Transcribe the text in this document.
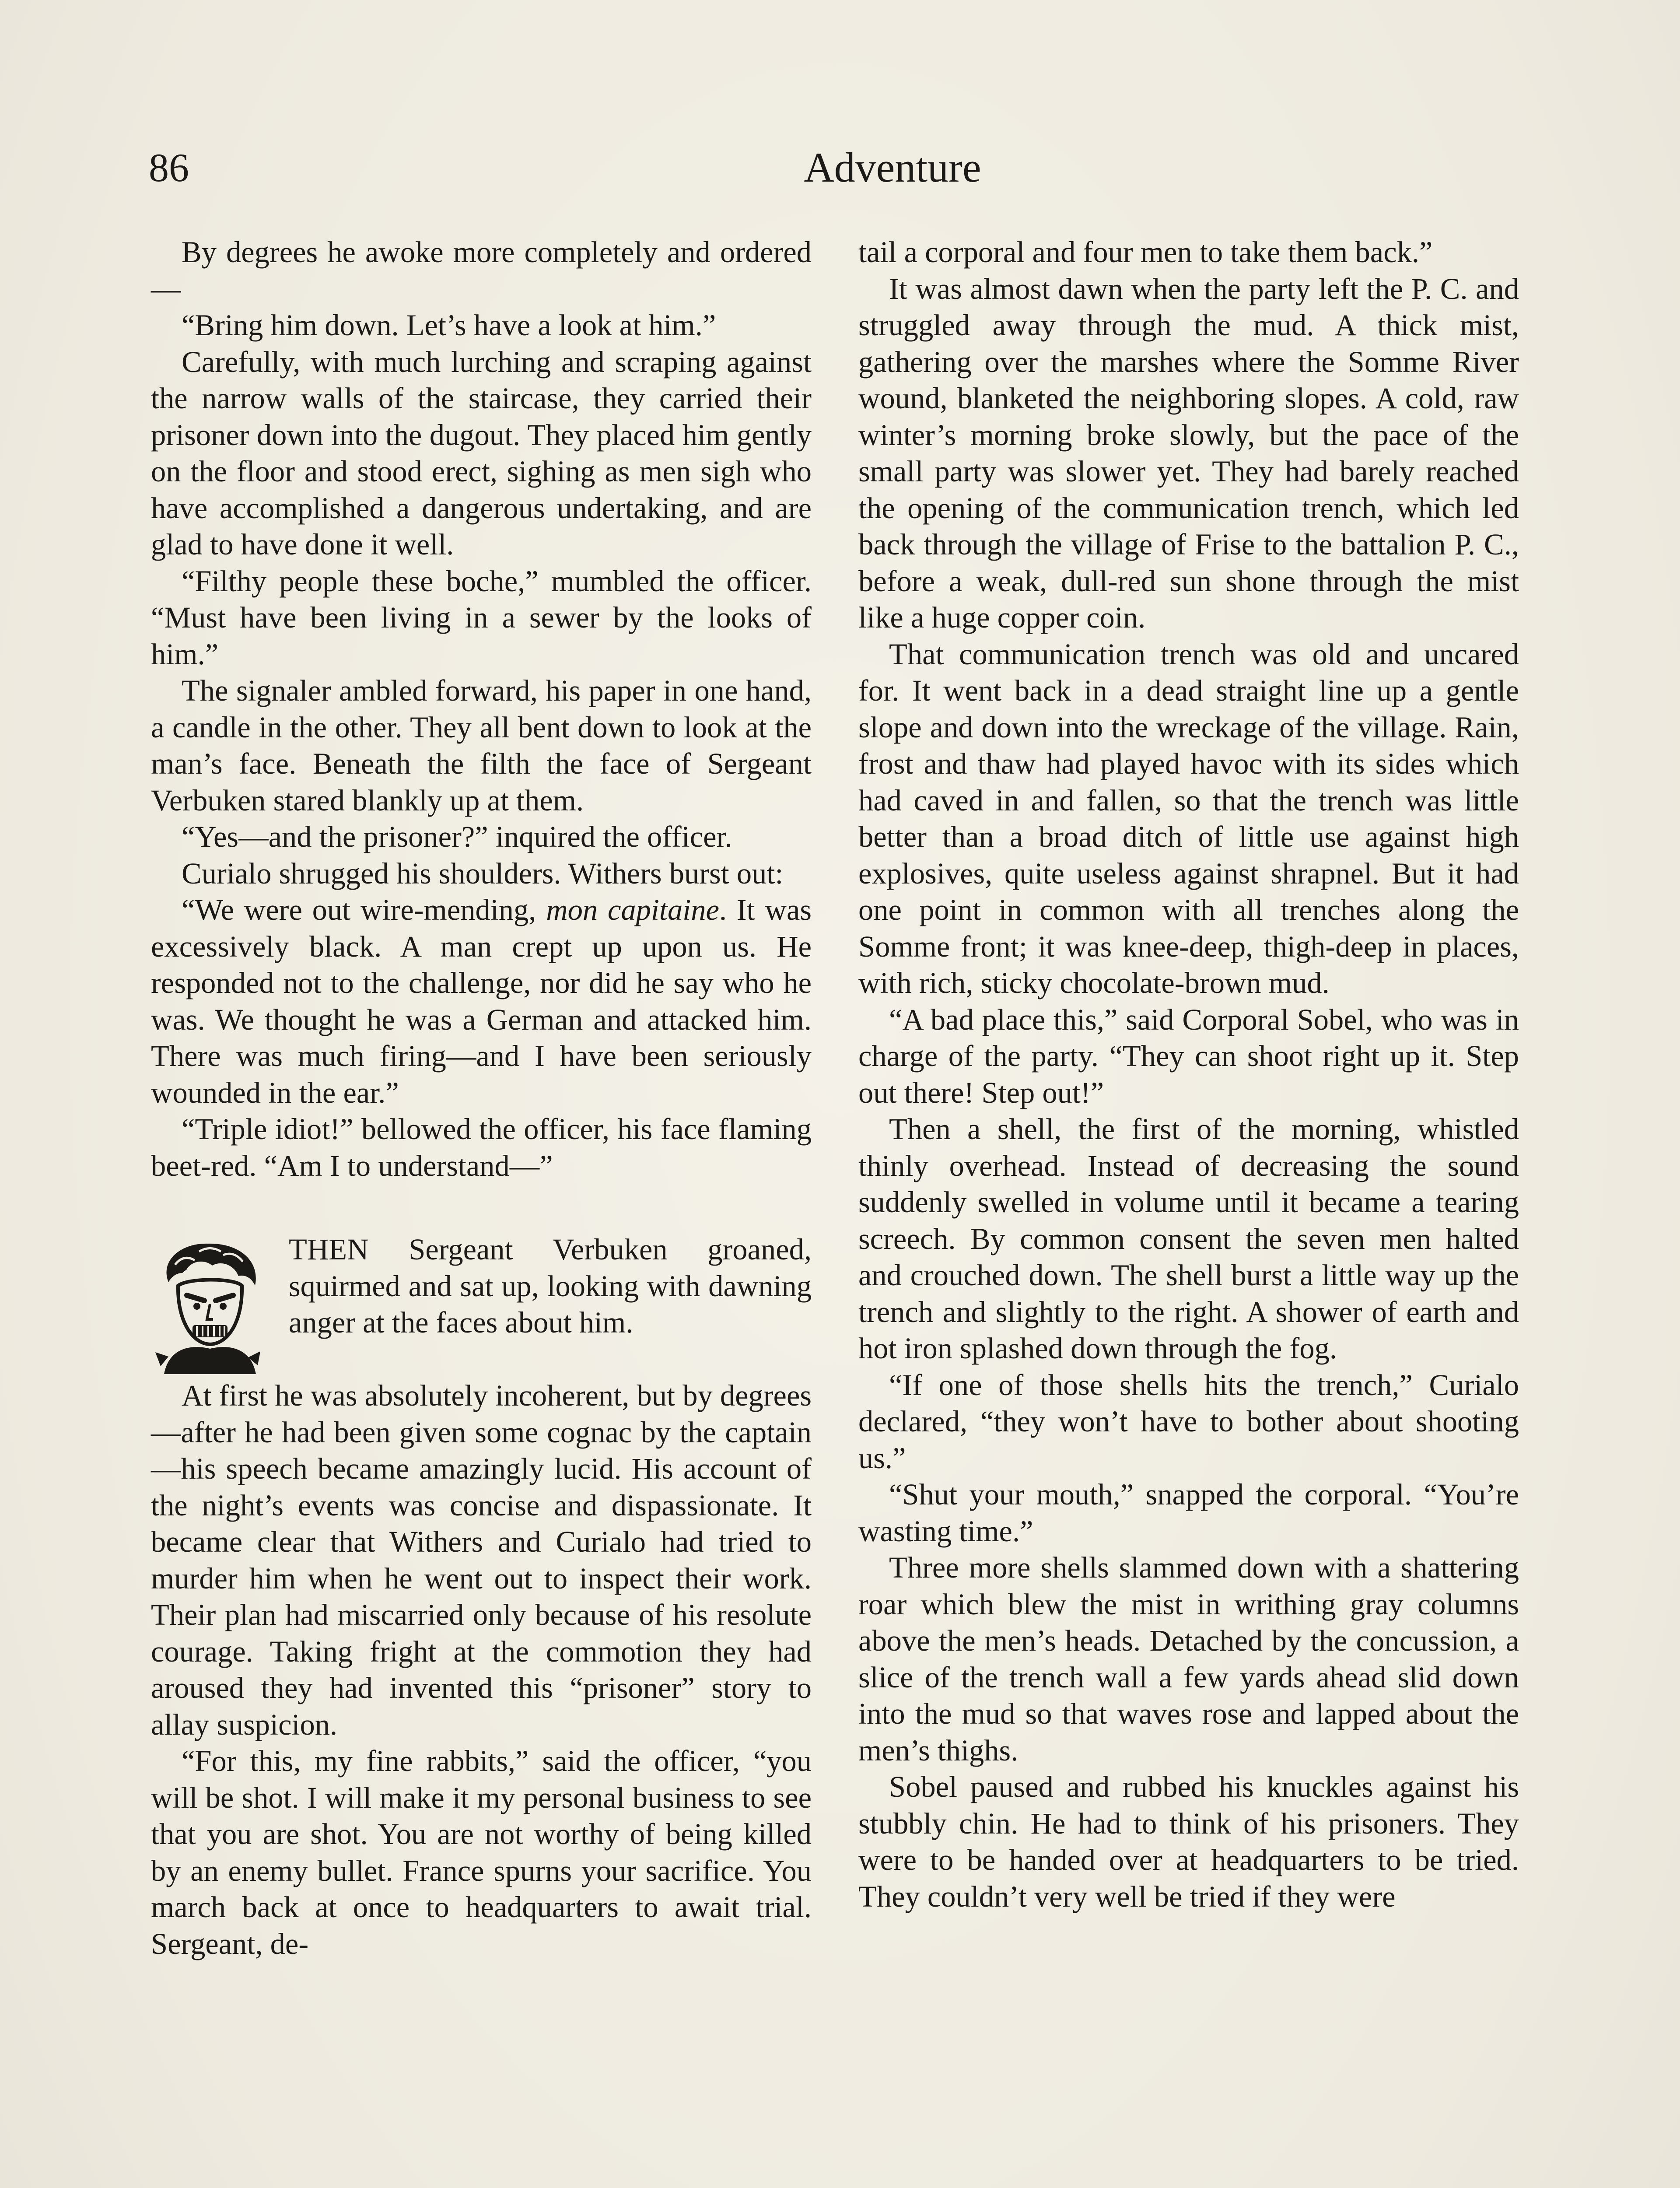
86	Adventure

By degrees he awoke more completely and ordered—

“Bring him down. Let’s have a look at him.”

Carefully, with much lurching and scraping against the narrow walls of the staircase, they carried their prisoner down into the dugout. They placed him gently on the floor and stood erect, sighing as men sigh who have accomplished a dangerous undertaking, and are glad to have done it well.

“Filthy people these boche,” mumbled the officer. “Must have been living in a sewer by the looks of him.”

The signaler ambled forward, his paper in one hand, a candle in the other. They all bent down to look at the man’s face. Beneath the filth the face of Sergeant Verbuken stared blankly up at them.

“Yes—and the prisoner?” inquired the officer.

Curialo shrugged his shoulders. Withers burst out:

“We were out wire-mending, mon capitaine. It was excessively black. A man crept up upon us. He responded not to the challenge, nor did he say who he was. We thought he was a German and attacked him. There was much firing—and I have been seriously wounded in the ear.”

“Triple idiot!” bellowed the officer, his face flaming beet-red. “Am I to understand—”

THEN Sergeant Verbuken groaned, squirmed and sat up, looking with dawning anger at the faces about him.

At first he was absolutely incoherent, but by degrees—after he had been given some cognac by the captain—his speech became amazingly lucid. His account of the night’s events was concise and dispassionate. It became clear that Withers and Curialo had tried to murder him when he went out to inspect their work. Their plan had miscarried only because of his resolute courage. Taking fright at the commotion they had aroused they had invented this “prisoner” story to allay suspicion.

“For this, my fine rabbits,” said the officer, “you will be shot. I will make it my personal business to see that you are shot. You are not worthy of being killed by an enemy bullet. France spurns your sacrifice. You march back at once to headquarters to await trial. Sergeant, de-

tail a corporal and four men to take them back.”

It was almost dawn when the party left the P. C. and struggled away through the mud. A thick mist, gathering over the marshes where the Somme River wound, blanketed the neighboring slopes. A cold, raw winter’s morning broke slowly, but the pace of the small party was slower yet. They had barely reached the opening of the communication trench, which led back through the village of Frise to the battalion P. C., before a weak, dull-red sun shone through the mist like a huge copper coin.

That communication trench was old and uncared for. It went back in a dead straight line up a gentle slope and down into the wreckage of the village. Rain, frost and thaw had played havoc with its sides which had caved in and fallen, so that the trench was little better than a broad ditch of little use against high explosives, quite useless against shrapnel. But it had one point in common with all trenches along the Somme front; it was knee-deep, thigh-deep in places, with rich, sticky chocolate-brown mud.

“A bad place this,” said Corporal Sobel, who was in charge of the party. “They can shoot right up it. Step out there! Step out!”

Then a shell, the first of the morning, whistled thinly overhead. Instead of decreasing the sound suddenly swelled in volume until it became a tearing screech. By common consent the seven men halted and crouched down. The shell burst a little way up the trench and slightly to the right. A shower of earth and hot iron splashed down through the fog.

“If one of those shells hits the trench,” Curialo declared, “they won’t have to bother about shooting us.”

“Shut your mouth,” snapped the corporal. “You’re wasting time.”

Three more shells slammed down with a shattering roar which blew the mist in writhing gray columns above the men’s heads. Detached by the concussion, a slice of the trench wall a few yards ahead slid down into the mud so that waves rose and lapped about the men’s thighs.

Sobel paused and rubbed his knuckles against his stubbly chin. He had to think of his prisoners. They were to be handed over at headquarters to be tried. They couldn’t very well be tried if they were
